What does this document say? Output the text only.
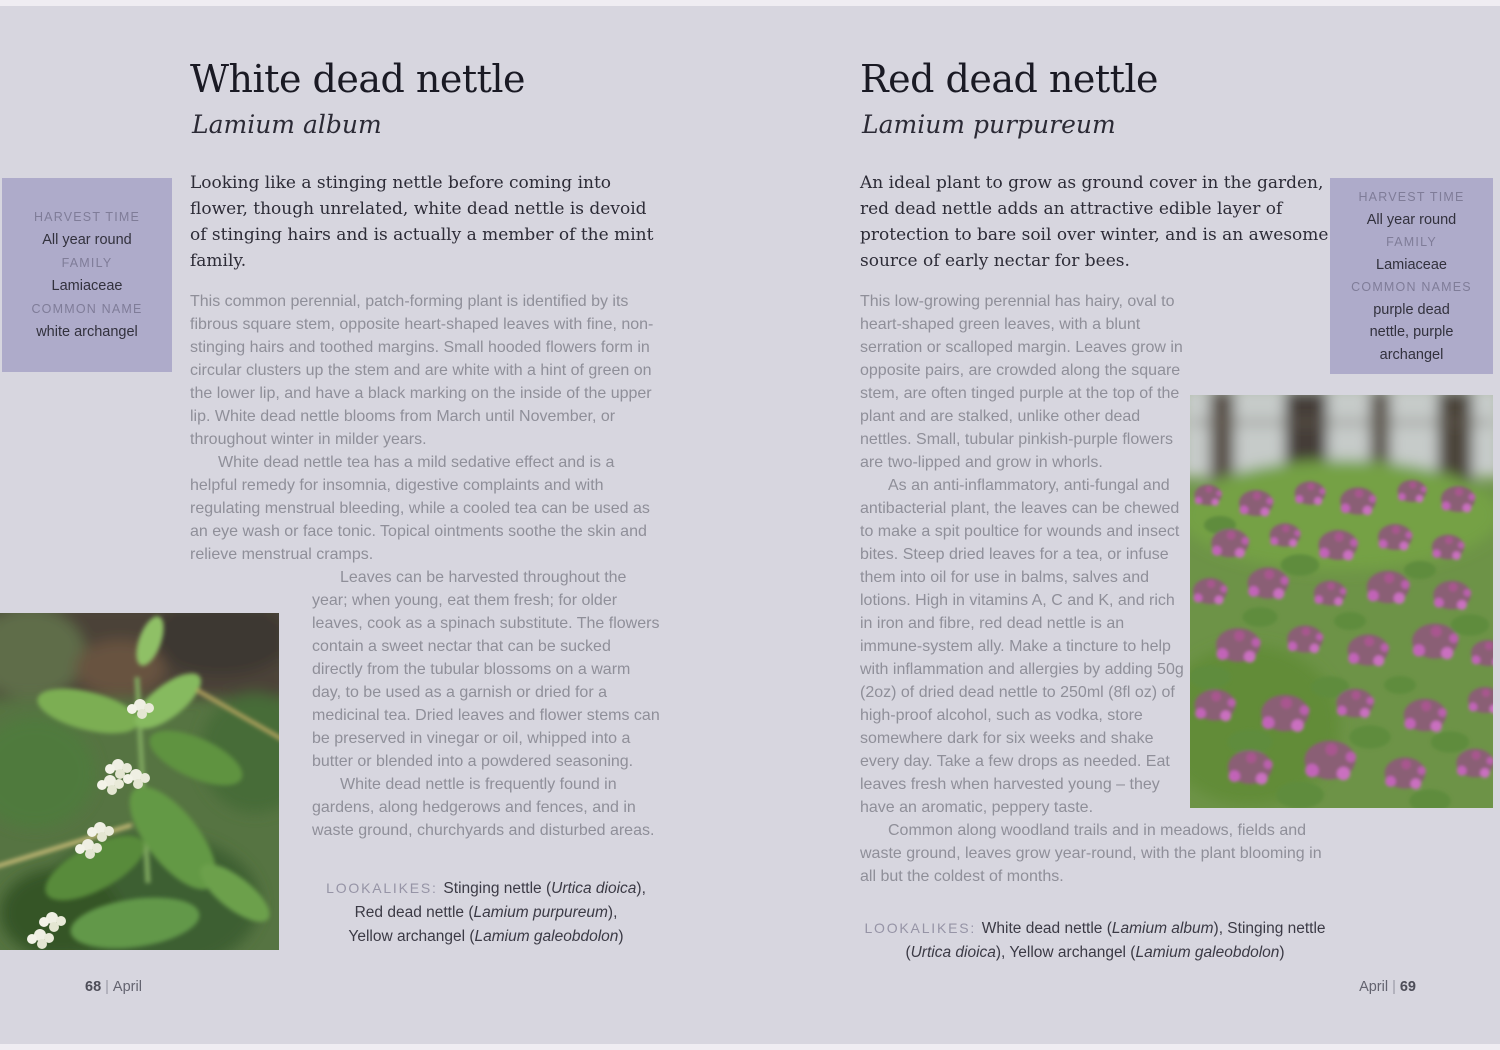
White dead nettle
Lamium album
HARVEST TIME
All year round
FAMILY
Lamiaceae
COMMON NAME
white archangel

Looking like a stinging nettle before coming into flower, though unrelated, white dead nettle is devoid of stinging hairs and is actually a member of the mint family.

This common perennial, patch-forming plant is identified by its fibrous square stem, opposite heart-shaped leaves with fine, non-stinging hairs and toothed margins. Small hooded flowers form in circular clusters up the stem and are white with a hint of green on the lower lip, and have a black marking on the inside of the upper lip. White dead nettle blooms from March until November, or throughout winter in milder years.

White dead nettle tea has a mild sedative effect and is a helpful remedy for insomnia, digestive complaints and with regulating menstrual bleeding, while a cooled tea can be used as an eye wash or face tonic. Topical ointments soothe the skin and relieve menstrual cramps.

Leaves can be harvested throughout the year; when young, eat them fresh; for older leaves, cook as a spinach substitute. The flowers contain a sweet nectar that can be sucked directly from the tubular blossoms on a warm day, to be used as a garnish or dried for a medicinal tea. Dried leaves and flower stems can be preserved in vinegar or oil, whipped into a butter or blended into a powdered seasoning.

White dead nettle is frequently found in gardens, along hedgerows and fences, and in waste ground, churchyards and disturbed areas.

LOOKALIKES: Stinging nettle (Urtica dioica),
Red dead nettle (Lamium purpureum),
Yellow archangel (Lamium galeobdolon)
68 | April
Red dead nettle
Lamium purpureum
HARVEST TIME
All year round
FAMILY
Lamiaceae
COMMON NAMES
purple dead nettle, purple archangel

An ideal plant to grow as ground cover in the garden, red dead nettle adds an attractive edible layer of protection to bare soil over winter, and is an awesome source of early nectar for bees.

This low-growing perennial has hairy, oval to heart-shaped green leaves, with a blunt serration or scalloped margin. Leaves grow in opposite pairs, are crowded along the square stem, are often tinged purple at the top of the plant and are stalked, unlike other dead nettles. Small, tubular pinkish-purple flowers are two-lipped and grow in whorls.

As an anti-inflammatory, anti-fungal and antibacterial plant, the leaves can be chewed to make a spit poultice for wounds and insect bites. Steep dried leaves for a tea, or infuse them into oil for use in balms, salves and lotions. High in vitamins A, C and K, and rich in iron and fibre, red dead nettle is an immune-system ally. Make a tincture to help with inflammation and allergies by adding 50g (2oz) of dried dead nettle to 250ml (8fl oz) of high-proof alcohol, such as vodka, store somewhere dark for six weeks and shake every day. Take a few drops as needed. Eat leaves fresh when harvested young – they have an aromatic, peppery taste.

Common along woodland trails and in meadows, fields and waste ground, leaves grow year-round, with the plant blooming in all but the coldest of months.

LOOKALIKES: White dead nettle (Lamium album), Stinging nettle
(Urtica dioica), Yellow archangel (Lamium galeobdolon)
April | 69
